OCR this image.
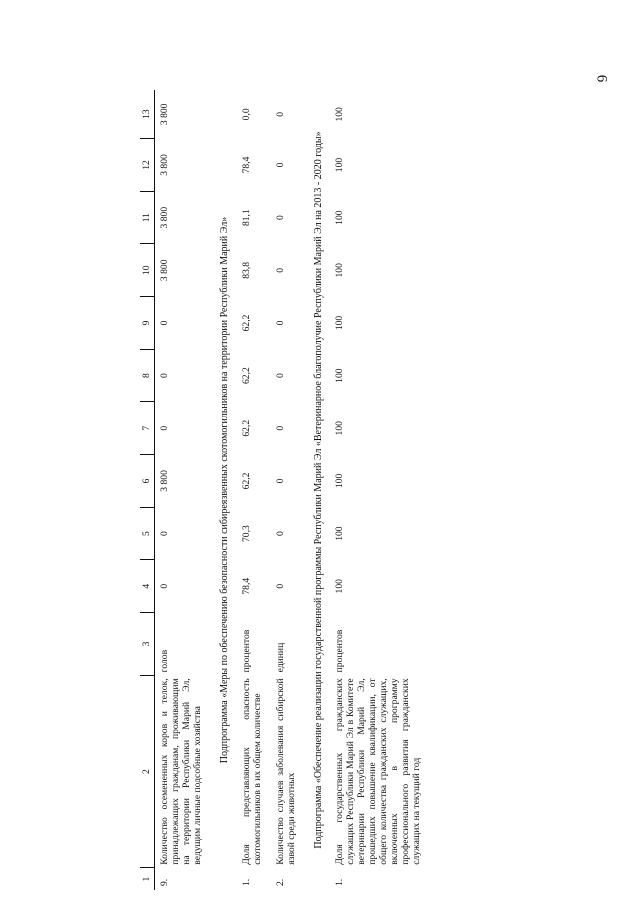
6
1	2	3	4	5	6	7	8	9	10	11	12	13
9.	Количество осемененных коров и телок, принадлежащих гражданам, проживающим на территории Республики Марий Эл, ведущим личные подсобные хозяйства	голов	0	0	3 800	0	0	0	3 800	3 800	3 800	3 800
Подпрограмма «Меры по обеспечению безопасности сибиреязвенных скотомогильников на территории Республики Марий Эл»												
1.	Доля представляющих опасность скотомогильников в их общем количестве	процентов	78,4	70,3	62,2	62,2	62,2	62,2	83,8	81,1	78,4	0,0
2.	Количество случаев заболевания сибирской язвой среди животных	единиц	0	0	0	0	0	0	0	0	0	0
Подпрограмма «Обеспечение реализации государственной программы Республики Марий Эл «Ветеринарное благополучие Республики Марий Эл на 2013 - 2020 годы»												
1.	Доля государственных гражданских служащих Республики Марий Эл в Комитете ветеринарии Республики Марий Эл, прошедших повышение квалификации, от общего количества гражданских служащих, включенных в программу профессионального развития гражданских служащих на текущий год	процентов	100	100	100	100	100	100	100	100	100	100
